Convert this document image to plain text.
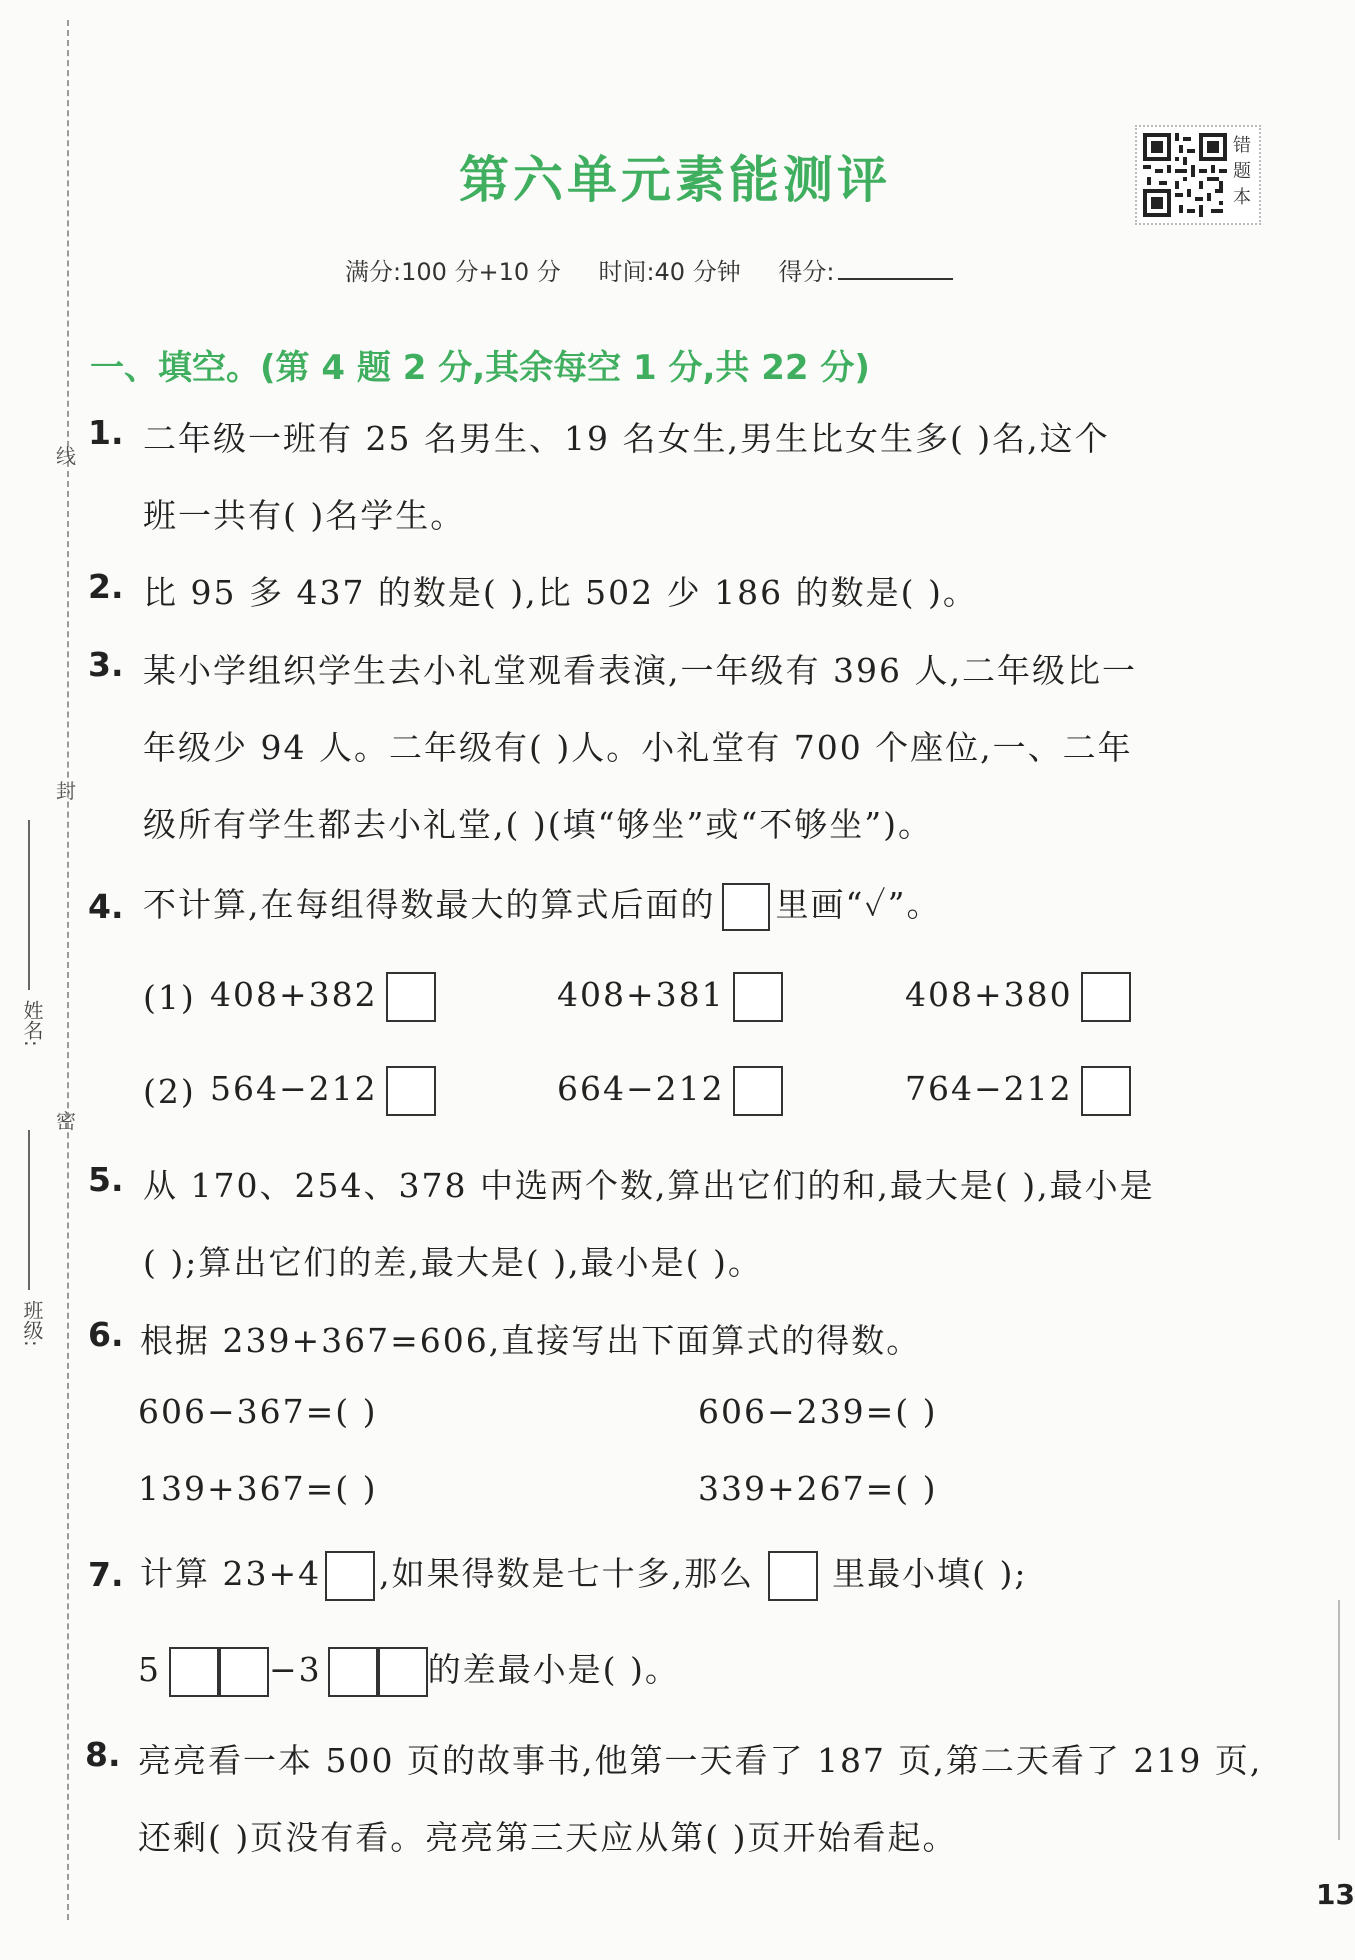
线
封
密
姓名:
班级:
第六单元素能测评
错题本
满分:100 分+10 分 时间:40 分钟 得分:
一、填空。(第 4 题 2 分,其余每空 1 分,共 22 分)
1. 二年级一班有 25 名男生、19 名女生,男生比女生多( )名,这个
班一共有( )名学生。
2. 比 95 多 437 的数是( ),比 502 少 186 的数是( )。
3. 某小学组织学生去小礼堂观看表演,一年级有 396 人,二年级比一
年级少 94 人。二年级有( )人。小礼堂有 700 个座位,一、二年
级所有学生都去小礼堂,( )(填“够坐”或“不够坐”)。
4. 不计算,在每组得数最大的算式后面的 里画“✓”。
(1) 408+382	408+381	408+380
(2) 564−212	664−212	764−212
5. 从 170、254、378 中选两个数,算出它们的和,最大是( ),最小是
( );算出它们的差,最大是( ),最小是( )。
6. 根据 239+367=606,直接写出下面算式的得数。
606−367=( )	606−239=( )
139+367=( )	339+267=( )
7. 计算 23+4 ,如果得数是七十多,那么 里最小填( );
5	−3	的差最小是( )。
8. 亮亮看一本 500 页的故事书,他第一天看了 187 页,第二天看了 219 页,
还剩( )页没有看。亮亮第三天应从第( )页开始看起。
13
